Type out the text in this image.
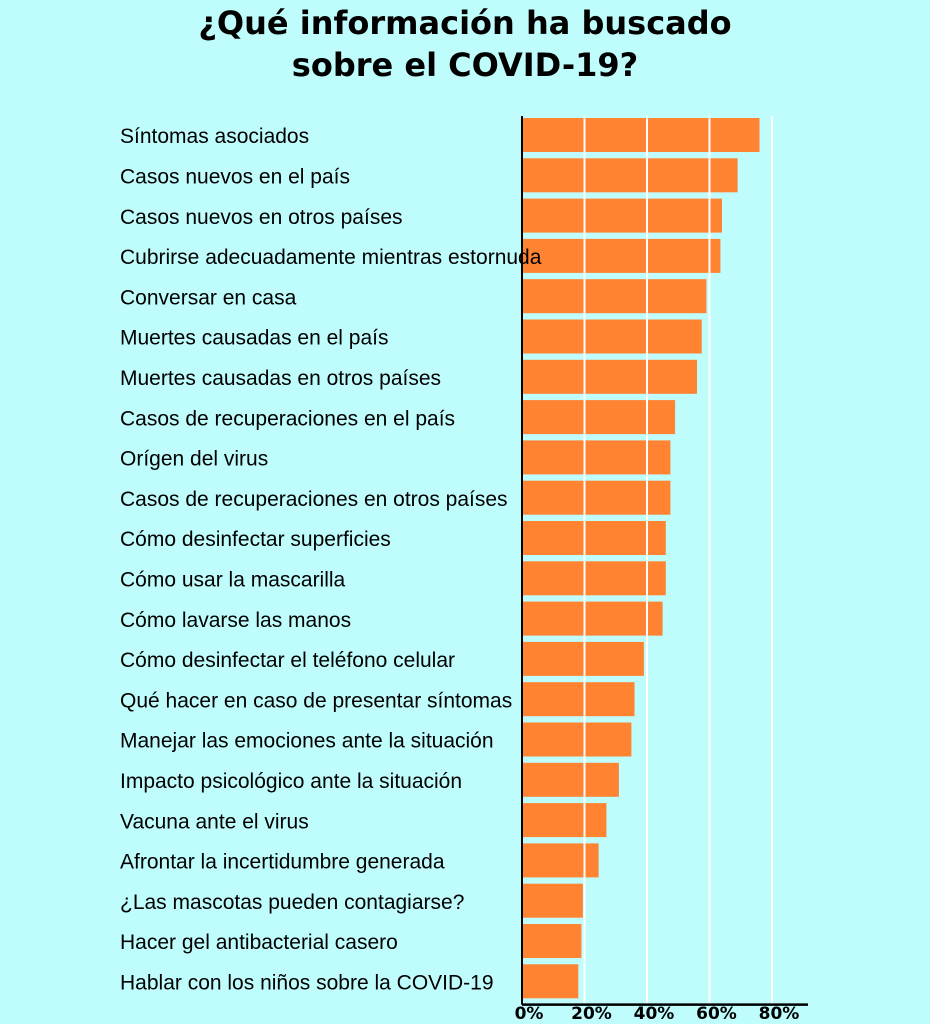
¿Qué información ha buscado
sobre el COVID-19?
Síntomas asociados
Casos nuevos en el país
Casos nuevos en otros países
Cubrirse adecuadamente mientras estornuda
Conversar en casa
Muertes causadas en el país
Muertes causadas en otros países
Casos de recuperaciones en el país
Orígen del virus
Casos de recuperaciones en otros países
Cómo desinfectar superficies
Cómo usar la mascarilla
Cómo lavarse las manos
Cómo desinfectar el teléfono celular
Qué hacer en caso de presentar síntomas
Manejar las emociones ante la situación
Impacto psicológico ante la situación
Vacuna ante el virus
Afrontar la incertidumbre generada
¿Las mascotas pueden contagiarse?
Hacer gel antibacterial casero
Hablar con los niños sobre la COVID-19
0% 20% 40% 60% 80%
